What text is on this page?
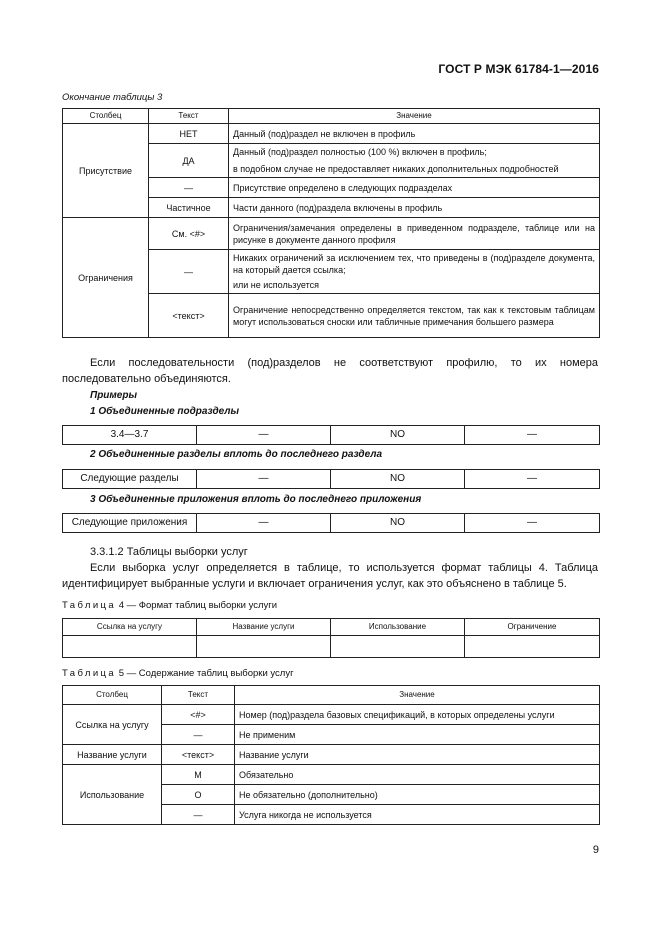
ГОСТ Р МЭК 61784-1—2016
Окончание таблицы 3
Столбец	Текст	Значение
Присутствие	НЕТ	Данный (под)раздел не включен в профиль
	ДА	Данный (под)раздел полностью (100 %) включен в профиль;
		в подобном случае не предоставляет никаких дополнительных подробностей
	—	Присутствие определено в следующих подразделах
	Частичное	Части данного (под)раздела включены в профиль
Ограничения	См. <#>	Ограничения/замечания определены в приведенном подразделе, таблице или на рисунке в документе данного профиля
	—	Никаких ограничений за исключением тех, что приведены в (под)разделе документа, на который дается ссылка;
		или не используется
	<текст>	Ограничение непосредственно определяется текстом, так как к текстовым таблицам могут использоваться сноски или табличные примечания большего размера
Если последовательности (под)разделов не соответствуют профилю, то их номера последовательно объединяются.
Примеры
1 Объединенные подразделы
3.4—3.7	—	NO	—
2 Объединенные разделы вплоть до последнего раздела
Следующие разделы	—	NO	—
3 Объединенные приложения вплоть до последнего приложения
Следующие приложения	—	NO	—
3.3.1.2 Таблицы выборки услуг
Если выборка услуг определяется в таблице, то используется формат таблицы 4. Таблица идентифицирует выбранные услуги и включает ограничения услуг, как это объяснено в таблице 5.
Таблица 4 — Формат таблиц выборки услуги
Ссылка на услугу	Название услуги	Использование	Ограничение

Таблица 5 — Содержание таблиц выборки услуг
Столбец	Текст	Значение
Ссылка на услугу	<#>	Номер (под)раздела базовых спецификаций, в которых определены услуги
	—	Не применим
Название услуги	<текст>	Название услуги
Использование	M	Обязательно
	O	Не обязательно (дополнительно)
	—	Услуга никогда не используется
9
